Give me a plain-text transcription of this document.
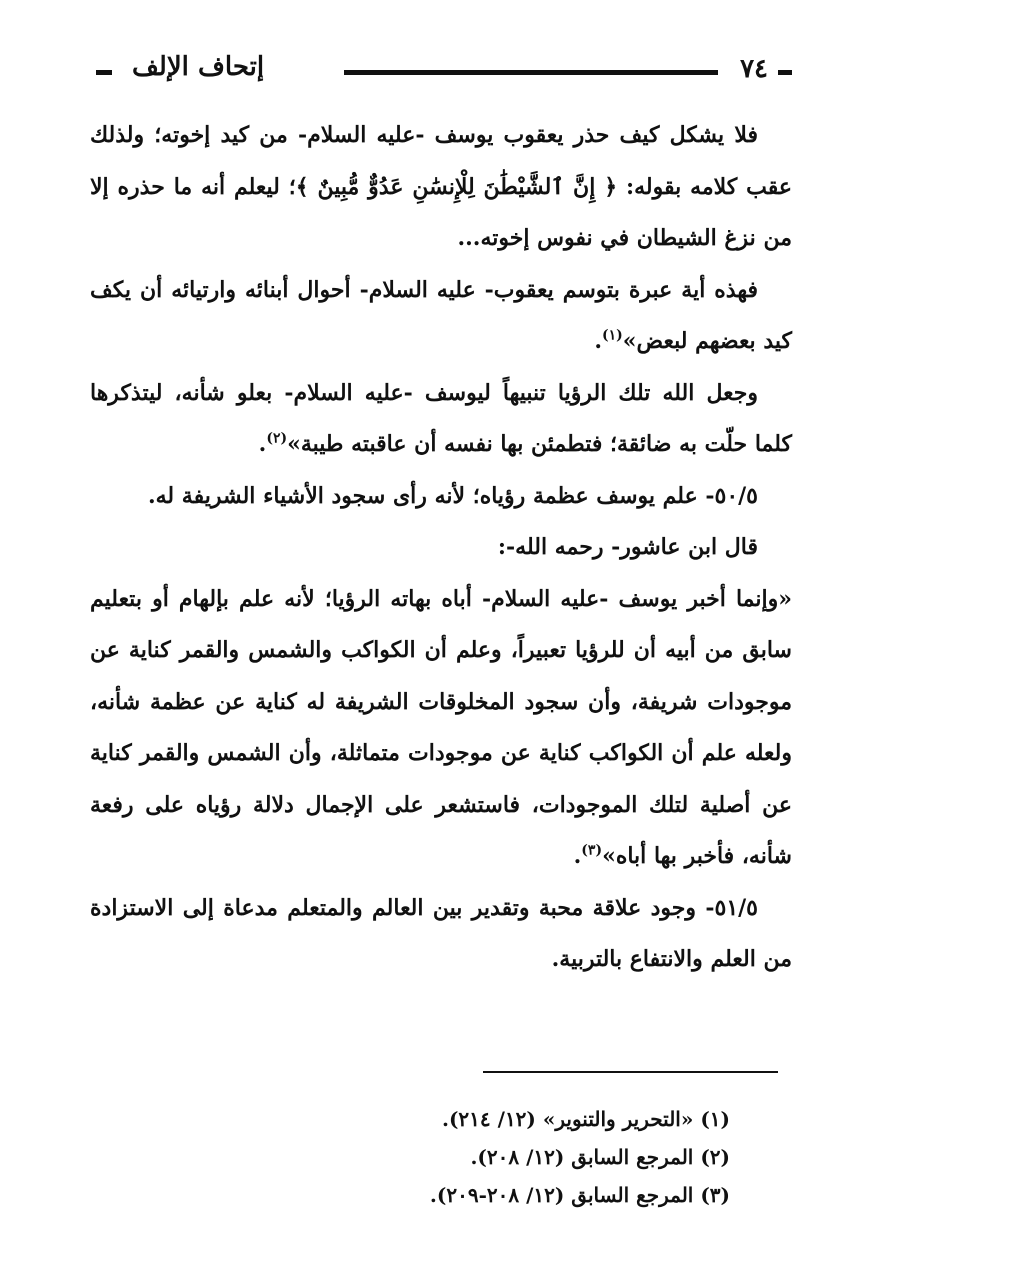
٧٤
إتحاف الإلف

فلا يشكل كيف حذر يعقوب يوسف -عليه السلام- من كيد إخوته؛ ولذلك عقب كلامه بقوله: ﴿ إِنَّ ٱلشَّيْطَٰنَ لِلْإِنسَٰنِ عَدُوٌّ مُّبِينٌ ﴾؛ ليعلم أنه ما حذره إلا من نزغ الشيطان في نفوس إخوته...

فهذه أية عبرة بتوسم يعقوب- عليه السلام- أحوال أبنائه وارتيائه أن يكف كيد بعضهم لبعض»$^{(١)}$.

وجعل الله تلك الرؤيا تنبيهاً ليوسف -عليه السلام- بعلو شأنه، ليتذكرها كلما حلّت به ضائقة؛ فتطمئن بها نفسه أن عاقبته طيبة»$^{(٢)}$.

٥٠/٥- علم يوسف عظمة رؤياه؛ لأنه رأى سجود الأشياء الشريفة له.

قال ابن عاشور- رحمه الله-:

«وإنما أخبر يوسف -عليه السلام- أباه بهاته الرؤيا؛ لأنه علم بإلهام أو بتعليم سابق من أبيه أن للرؤيا تعبيراً، وعلم أن الكواكب والشمس والقمر كناية عن موجودات شريفة، وأن سجود المخلوقات الشريفة له كناية عن عظمة شأنه، ولعله علم أن الكواكب كناية عن موجودات متماثلة، وأن الشمس والقمر كناية عن أصلية لتلك الموجودات، فاستشعر على الإجمال دلالة رؤياه على رفعة شأنه، فأخبر بها أباه»$^{(٣)}$.

٥١/٥- وجود علاقة محبة وتقدير بين العالم والمتعلم مدعاة إلى الاستزادة من العلم والانتفاع بالتربية.

(١) «التحرير والتنوير» (١٢/ ٢١٤).

(٢) المرجع السابق (١٢/ ٢٠٨).

(٣) المرجع السابق (١٢/ ٢٠٨-٢٠٩).
